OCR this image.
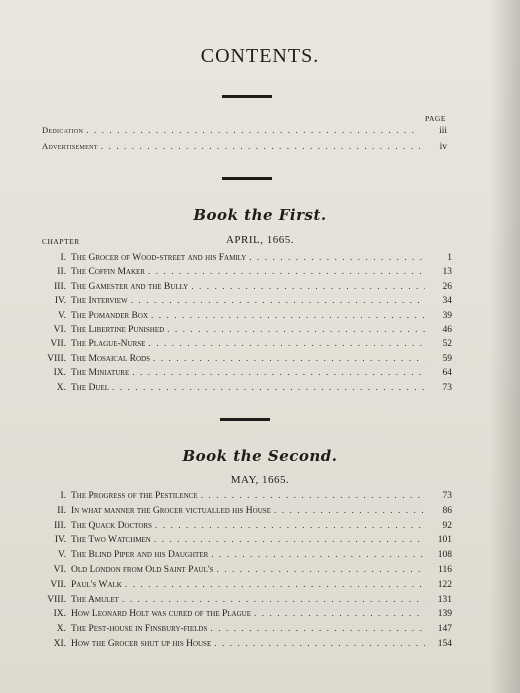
CONTENTS.
PAGE
Dedication . . .	iii
Advertisement . . .	iv
Book the First.
CHAPTER	APRIL, 1665.
I. The Grocer of Wood-street and his Family . . .	1
II. The Coffin Maker . . .	13
III. The Gamester and the Bully . . .	26
IV. The Interview . . .	34
V. The Pomander Box . . .	39
VI. The Libertine Punished . . .	46
VII. The Plague-Nurse . . .	52
VIII. The Mosaical Rods . . .	59
IX. The Miniature . . .	64
X. The Duel . . .	73
Book the Second.
MAY, 1665.
I. The Progress of the Pestilence . . .	73
II. In what manner the Grocer victualled his House . . .	86
III. The Quack Doctors . . .	92
IV. The Two Watchmen . . .	101
V. The Blind Piper and his Daughter . . .	108
VI. Old London from Old Saint Paul's . . .	116
VII. Paul's Walk . . .	122
VIII. The Amulet . . .	131
IX. How Leonard Holt was cured of the Plague . . .	139
X. The Pest-house in Finsbury-fields . . .	147
XI. How the Grocer shut up his House . . .	154
